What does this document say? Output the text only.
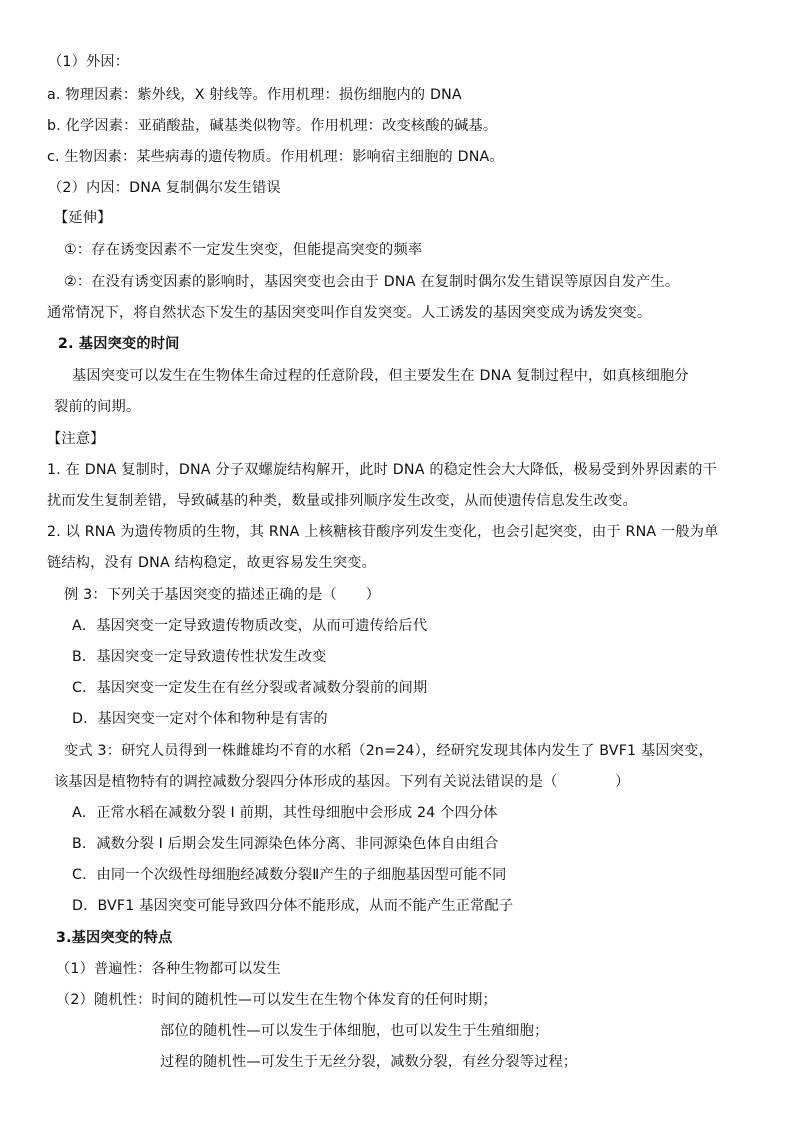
（1）外因：
a. 物理因素：紫外线，X 射线等。作用机理：损伤细胞内的 DNA
b. 化学因素：亚硝酸盐，碱基类似物等。作用机理：改变核酸的碱基。
c. 生物因素：某些病毒的遗传物质。作用机理：影响宿主细胞的 DNA。
（2）内因：DNA 复制偶尔发生错误
【延伸】
①：存在诱变因素不一定发生突变，但能提高突变的频率
②：在没有诱变因素的影响时，基因突变也会由于 DNA 在复制时偶尔发生错误等原因自发产生。
通常情况下，将自然状态下发生的基因突变叫作自发突变。人工诱发的基因突变成为诱发突变。
2. 基因突变的时间
基因突变可以发生在生物体生命过程的任意阶段，但主要发生在 DNA 复制过程中，如真核细胞分
裂前的间期。
【注意】
1. 在 DNA 复制时，DNA 分子双螺旋结构解开，此时 DNA 的稳定性会大大降低，极易受到外界因素的干
扰而发生复制差错，导致碱基的种类，数量或排列顺序发生改变，从而使遗传信息发生改变。
2. 以 RNA 为遗传物质的生物，其 RNA 上核糖核苷酸序列发生变化，也会引起突变，由于 RNA 一般为单
链结构，没有 DNA 结构稳定，故更容易发生突变。
例 3：下列关于基因突变的描述正确的是（　　）
A．基因突变一定导致遗传物质改变，从而可遗传给后代
B．基因突变一定导致遗传性状发生改变
C．基因突变一定发生在有丝分裂或者减数分裂前的间期
D．基因突变一定对个体和物种是有害的
变式 3：研究人员得到一株雌雄均不育的水稻（2n=24），经研究发现其体内发生了 BVF1 基因突变，
该基因是植物特有的调控减数分裂四分体形成的基因。下列有关说法错误的是（　　　　）
A．正常水稻在减数分裂 I 前期，其性母细胞中会形成 24 个四分体
B．减数分裂 I 后期会发生同源染色体分离、非同源染色体自由组合
C．由同一个次级性母细胞经减数分裂Ⅱ产生的子细胞基因型可能不同
D．BVF1 基因突变可能导致四分体不能形成，从而不能产生正常配子
3.基因突变的特点
（1）普遍性：各种生物都可以发生
（2）随机性：时间的随机性—可以发生在生物个体发育的任何时期；
部位的随机性—可以发生于体细胞，也可以发生于生殖细胞；
过程的随机性—可发生于无丝分裂，减数分裂，有丝分裂等过程；
